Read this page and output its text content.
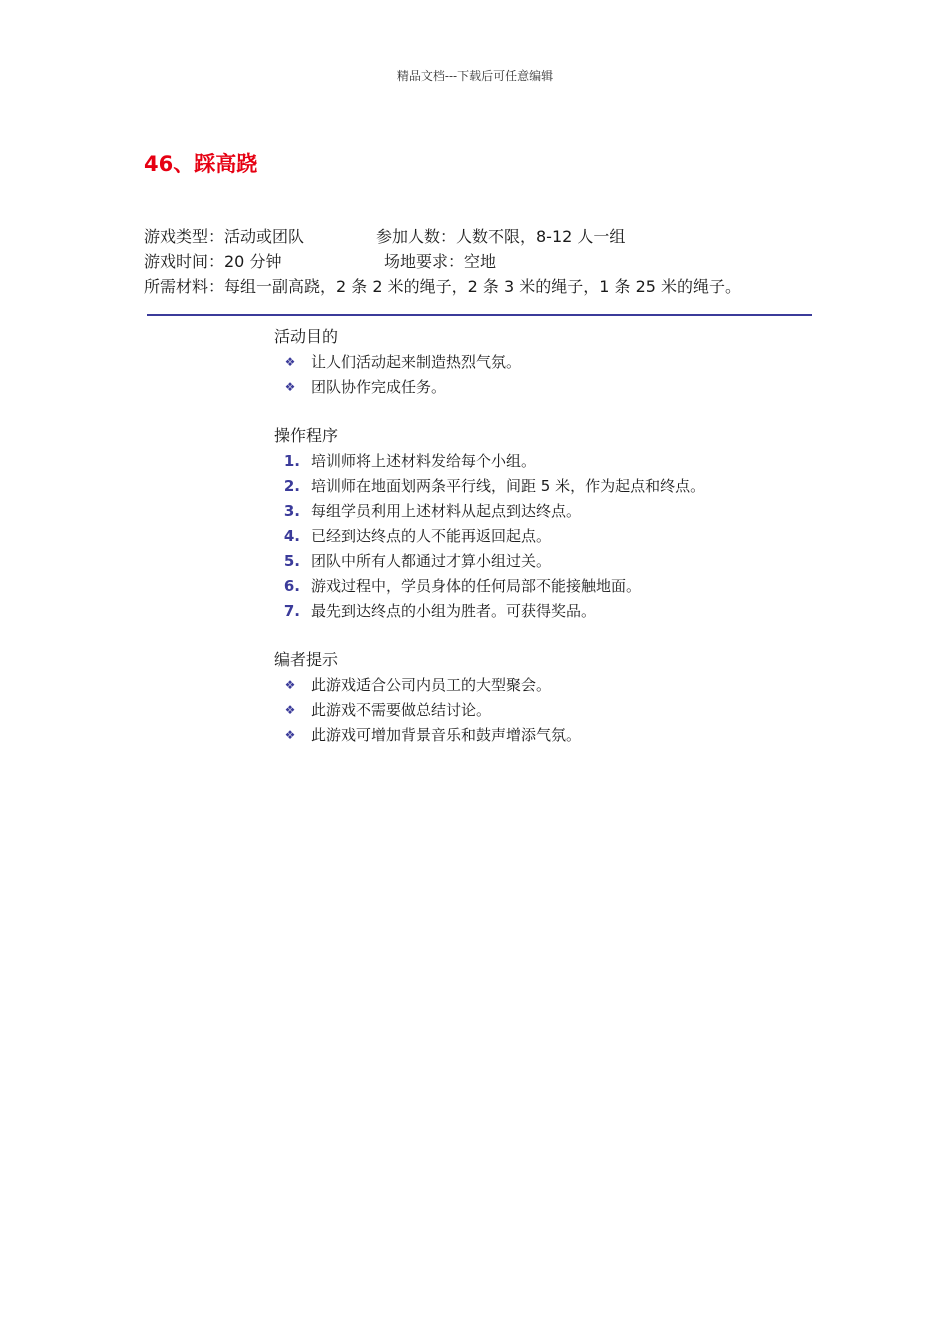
精品文档---下载后可任意编辑
46、踩高跷
游戏类型：活动或团队	参加人数：人数不限，8-12 人一组
游戏时间：20 分钟	场地要求：空地
所需材料：每组一副高跷，2 条 2 米的绳子，2 条 3 米的绳子，1 条 25 米的绳子。
活动目的
❖ 让人们活动起来制造热烈气氛。
❖ 团队协作完成任务。
操作程序
1. 培训师将上述材料发给每个小组。
2. 培训师在地面划两条平行线，间距 5 米，作为起点和终点。
3. 每组学员利用上述材料从起点到达终点。
4. 已经到达终点的人不能再返回起点。
5. 团队中所有人都通过才算小组过关。
6. 游戏过程中，学员身体的任何局部不能接触地面。
7. 最先到达终点的小组为胜者。可获得奖品。
编者提示
❖ 此游戏适合公司内员工的大型聚会。
❖ 此游戏不需要做总结讨论。
❖ 此游戏可增加背景音乐和鼓声增添气氛。
